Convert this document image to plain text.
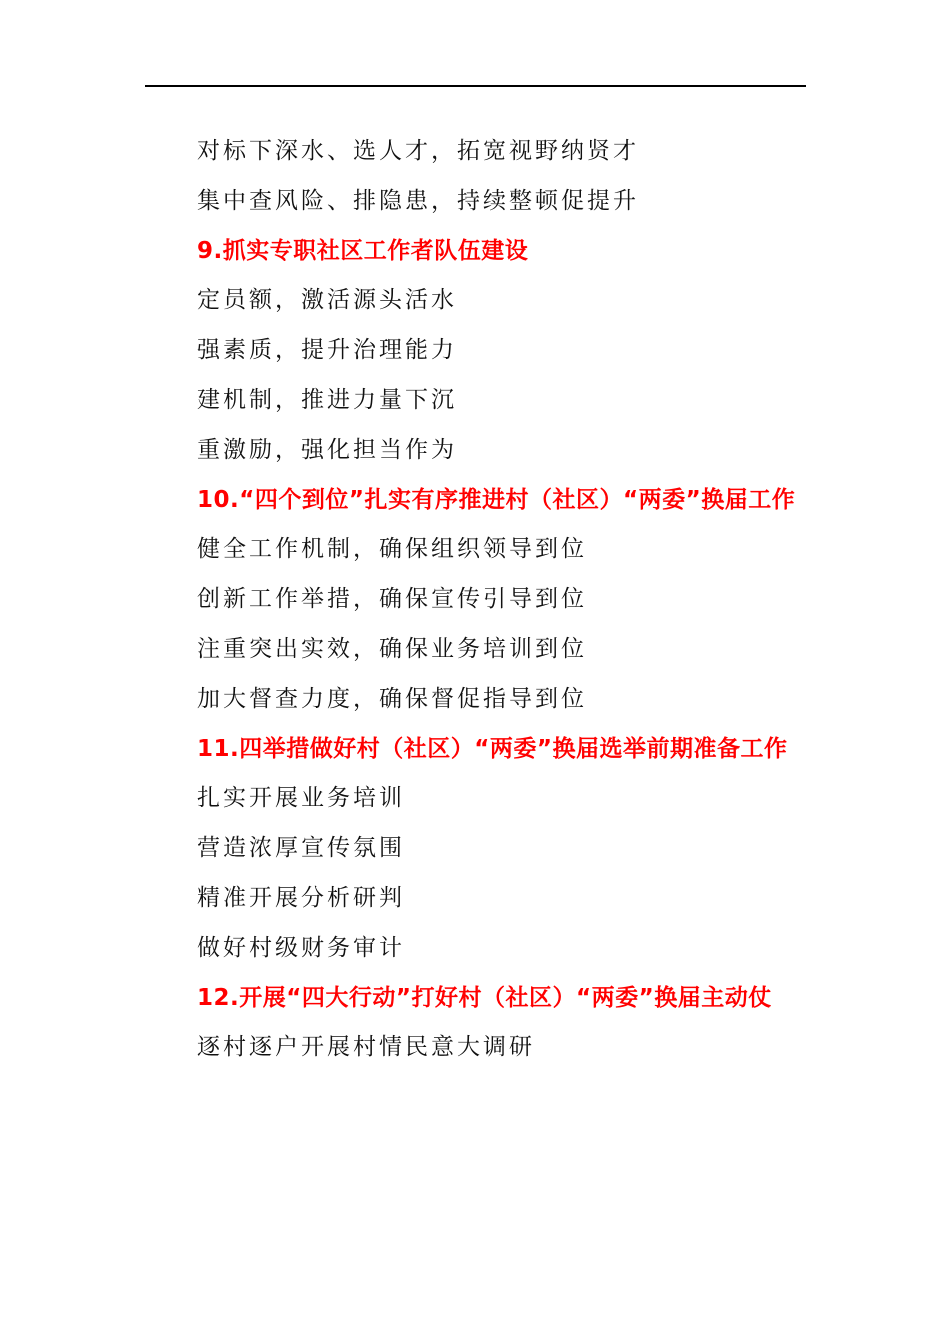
对标下深水、选人才，拓宽视野纳贤才
集中查风险、排隐患，持续整顿促提升
9.抓实专职社区工作者队伍建设
定员额，激活源头活水
强素质，提升治理能力
建机制，推进力量下沉
重激励，强化担当作为
10.“四个到位”扎实有序推进村（社区）“两委”换届工作
健全工作机制，确保组织领导到位
创新工作举措，确保宣传引导到位
注重突出实效，确保业务培训到位
加大督查力度，确保督促指导到位
11.四举措做好村（社区）“两委”换届选举前期准备工作
扎实开展业务培训
营造浓厚宣传氛围
精准开展分析研判
做好村级财务审计
12.开展“四大行动”打好村（社区）“两委”换届主动仗
逐村逐户开展村情民意大调研
